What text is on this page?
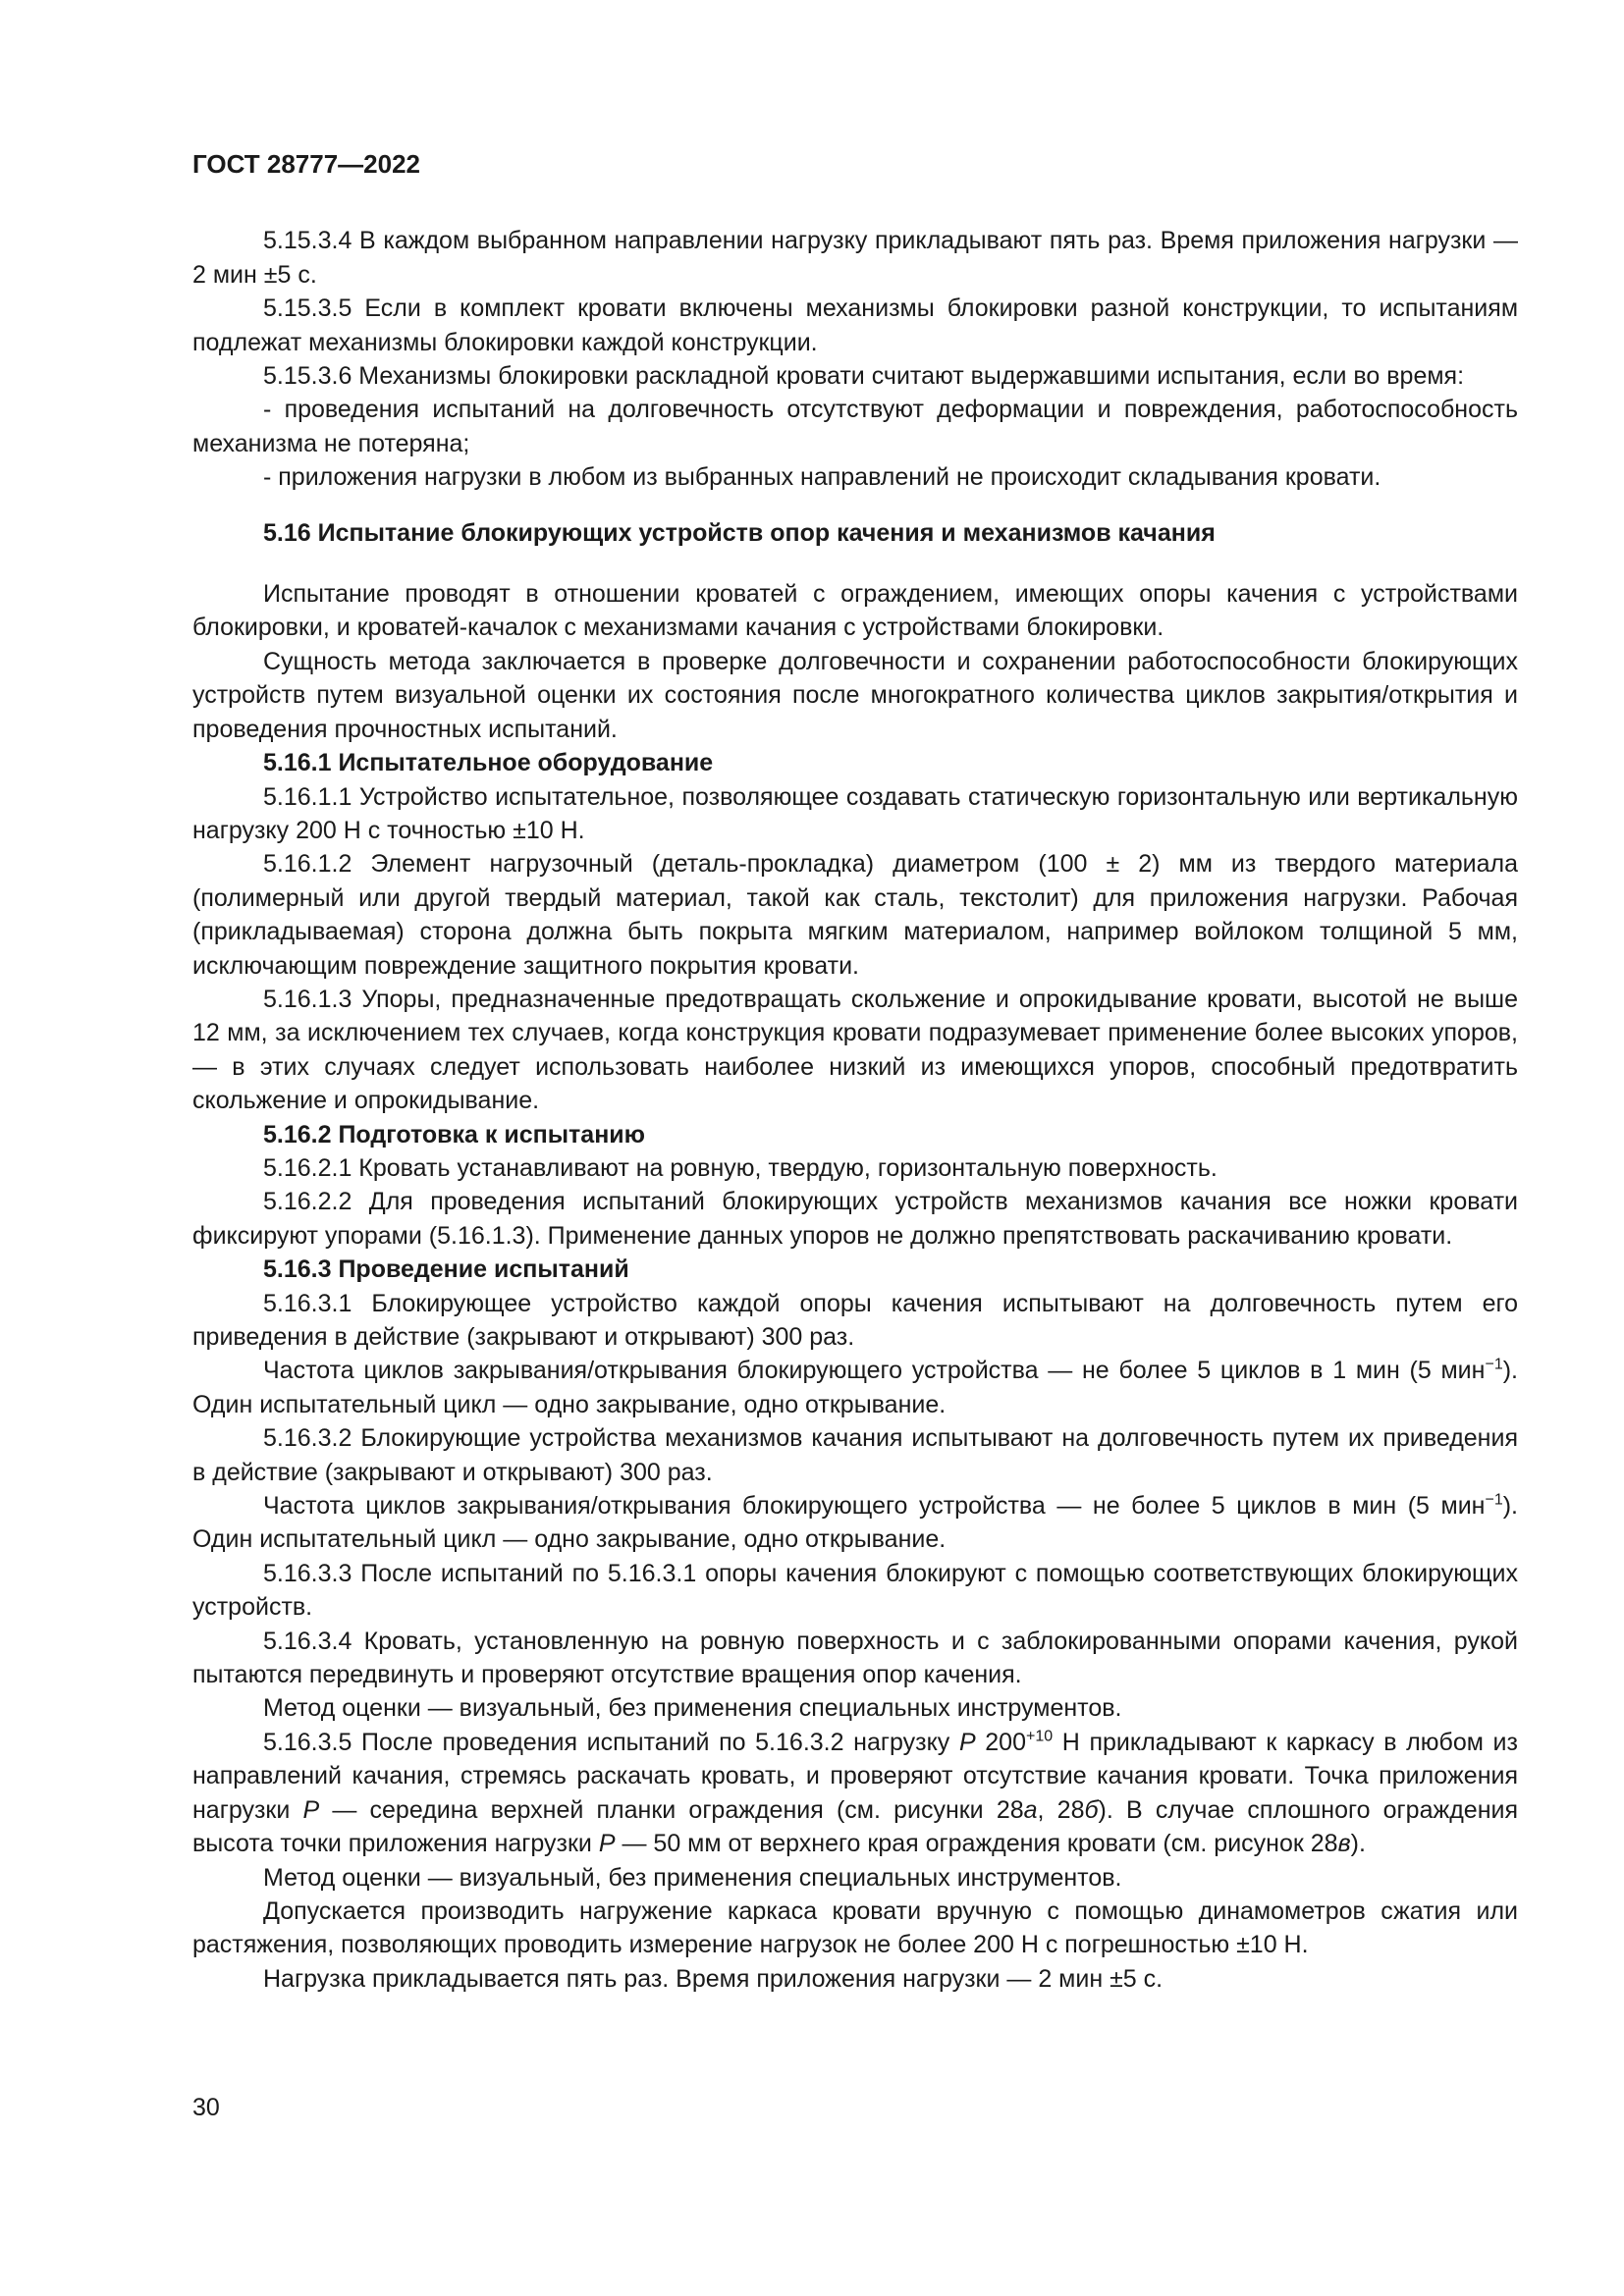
ГОСТ 28777—2022

5.15.3.4 В каждом выбранном направлении нагрузку прикладывают пять раз. Время приложения нагрузки — 2 мин ±5 с.

5.15.3.5 Если в комплект кровати включены механизмы блокировки разной конструкции, то испытаниям подлежат механизмы блокировки каждой конструкции.

5.15.3.6 Механизмы блокировки раскладной кровати считают выдержавшими испытания, если во время:

- проведения испытаний на долговечность отсутствуют деформации и повреждения, работоспособность механизма не потеряна;

- приложения нагрузки в любом из выбранных направлений не происходит складывания кровати.

5.16 Испытание блокирующих устройств опор качения и механизмов качания

Испытание проводят в отношении кроватей с ограждением, имеющих опоры качения с устройствами блокировки, и кроватей-качалок с механизмами качания с устройствами блокировки.

Сущность метода заключается в проверке долговечности и сохранении работоспособности блокирующих устройств путем визуальной оценки их состояния после многократного количества циклов закрытия/открытия и проведения прочностных испытаний.

5.16.1 Испытательное оборудование

5.16.1.1 Устройство испытательное, позволяющее создавать статическую горизонтальную или вертикальную нагрузку 200 Н с точностью ±10 Н.

5.16.1.2 Элемент нагрузочный (деталь-прокладка) диаметром (100 ± 2) мм из твердого материала (полимерный или другой твердый материал, такой как сталь, текстолит) для приложения нагрузки. Рабочая (прикладываемая) сторона должна быть покрыта мягким материалом, например войлоком толщиной 5 мм, исключающим повреждение защитного покрытия кровати.

5.16.1.3 Упоры, предназначенные предотвращать скольжение и опрокидывание кровати, высотой не выше 12 мм, за исключением тех случаев, когда конструкция кровати подразумевает применение более высоких упоров, — в этих случаях следует использовать наиболее низкий из имеющихся упоров, способный предотвратить скольжение и опрокидывание.

5.16.2 Подготовка к испытанию

5.16.2.1 Кровать устанавливают на ровную, твердую, горизонтальную поверхность.

5.16.2.2 Для проведения испытаний блокирующих устройств механизмов качания все ножки кровати фиксируют упорами (5.16.1.3). Применение данных упоров не должно препятствовать раскачиванию кровати.

5.16.3 Проведение испытаний

5.16.3.1 Блокирующее устройство каждой опоры качения испытывают на долговечность путем его приведения в действие (закрывают и открывают) 300 раз.

Частота циклов закрывания/открывания блокирующего устройства — не более 5 циклов в 1 мин (5 мин$^{-1}$). Один испытательный цикл — одно закрывание, одно открывание.

5.16.3.2 Блокирующие устройства механизмов качания испытывают на долговечность путем их приведения в действие (закрывают и открывают) 300 раз.

Частота циклов закрывания/открывания блокирующего устройства — не более 5 циклов в мин (5 мин$^{-1}$). Один испытательный цикл — одно закрывание, одно открывание.

5.16.3.3 После испытаний по 5.16.3.1 опоры качения блокируют с помощью соответствующих блокирующих устройств.

5.16.3.4 Кровать, установленную на ровную поверхность и с заблокированными опорами качения, рукой пытаются передвинуть и проверяют отсутствие вращения опор качения.

Метод оценки — визуальный, без применения специальных инструментов.

5.16.3.5 После проведения испытаний по 5.16.3.2 нагрузку P $200^{+10}$ Н прикладывают к каркасу в любом из направлений качания, стремясь раскачать кровать, и проверяют отсутствие качания кровати. Точка приложения нагрузки P — середина верхней планки ограждения (см. рисунки 28а, 28б). В случае сплошного ограждения высота точки приложения нагрузки P — 50 мм от верхнего края ограждения кровати (см. рисунок 28в).

Метод оценки — визуальный, без применения специальных инструментов.

Допускается производить нагружение каркаса кровати вручную с помощью динамометров сжатия или растяжения, позволяющих проводить измерение нагрузок не более 200 Н с погрешностью ±10 Н.

Нагрузка прикладывается пять раз. Время приложения нагрузки — 2 мин ±5 с.

30
